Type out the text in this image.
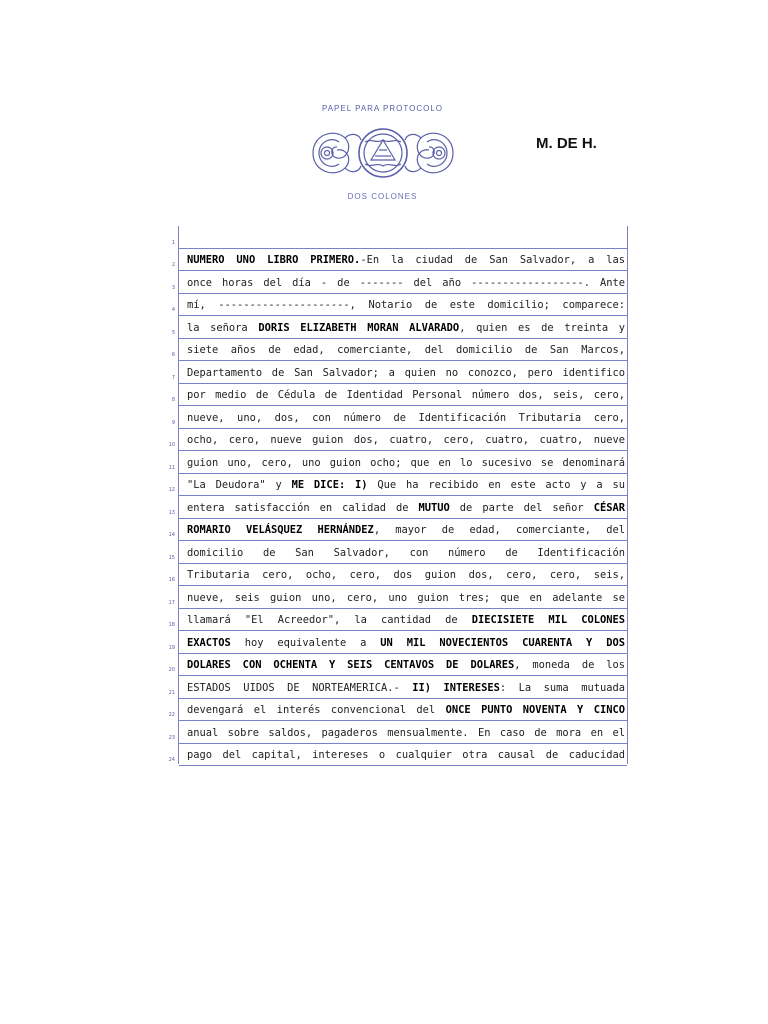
PAPEL PARA PROTOCOLO
DOS COLONES
M. DE H.
1
2 NUMERO UNO LIBRO PRIMERO.-En la ciudad de San Salvador, a las
3 once horas del día - de ------- del año ------------------. Ante
4 mí, ---------------------, Notario de este domicilio; comparece:
5 la señora DORIS ELIZABETH MORAN ALVARADO, quien es de treinta y
6 siete años de edad, comerciante, del domicilio de San Marcos,
7 Departamento de San Salvador; a quien no conozco, pero identifico
8 por medio de Cédula de Identidad Personal número dos, seis, cero,
9 nueve, uno, dos, con número de Identificación Tributaria cero,
10 ocho, cero, nueve guion dos, cuatro, cero, cuatro, cuatro, nueve
11 guion uno, cero, uno guion ocho; que en lo sucesivo se denominará
12 "La Deudora" y ME DICE: I) Que ha recibido en este acto y a su
13 entera satisfacción en calidad de MUTUO de parte del señor CÉSAR
14 ROMARIO VELÁSQUEZ HERNÁNDEZ, mayor de edad, comerciante, del
15 domicilio de San Salvador, con número de Identificación
16 Tributaria cero, ocho, cero, dos guion dos, cero, cero, seis,
17 nueve, seis guion uno, cero, uno guion tres; que en adelante se
18 llamará "El Acreedor", la cantidad de DIECISIETE MIL COLONES
19 EXACTOS hoy equivalente a UN MIL NOVECIENTOS CUARENTA Y DOS
20 DOLARES CON OCHENTA Y SEIS CENTAVOS DE DOLARES, moneda de los
21 ESTADOS UIDOS DE NORTEAMERICA.- II) INTERESES: La suma mutuada
22 devengará el interés convencional del ONCE PUNTO NOVENTA Y CINCO
23 anual sobre saldos, pagaderos mensualmente. En caso de mora en el
24 pago del capital, intereses o cualquier otra causal de caducidad
